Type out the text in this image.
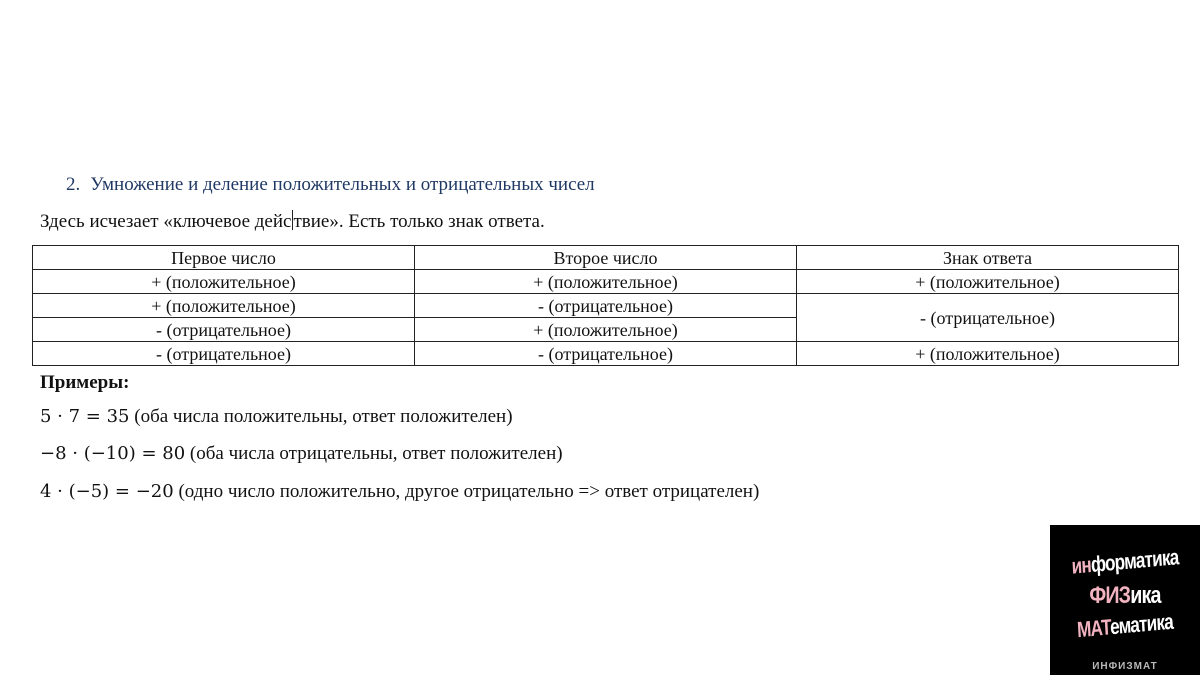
2. Умножение и деление положительных и отрицательных чисел
Здесь исчезает «ключевое дейс твие». Есть только знак ответа.
Первое число	Второе число	Знак ответа
+ (положительное)	+ (положительное)	+ (положительное)
+ (положительное)	- (отрицательное)	- (отрицательное)
- (отрицательное)	+ (положительное)	
- (отрицательное)	- (отрицательное)	+ (положительное)
Примеры:
5 · 7 = 35 (оба числа положительны, ответ положителен)
−8 · (−10) = 80 (оба числа отрицательны, ответ положителен)
4 · (−5) = −20 (одно число положительно, другое отрицательно => ответ отрицателен)
информатика
ФИЗика
МАТематика
ИНФИЗМАТ
